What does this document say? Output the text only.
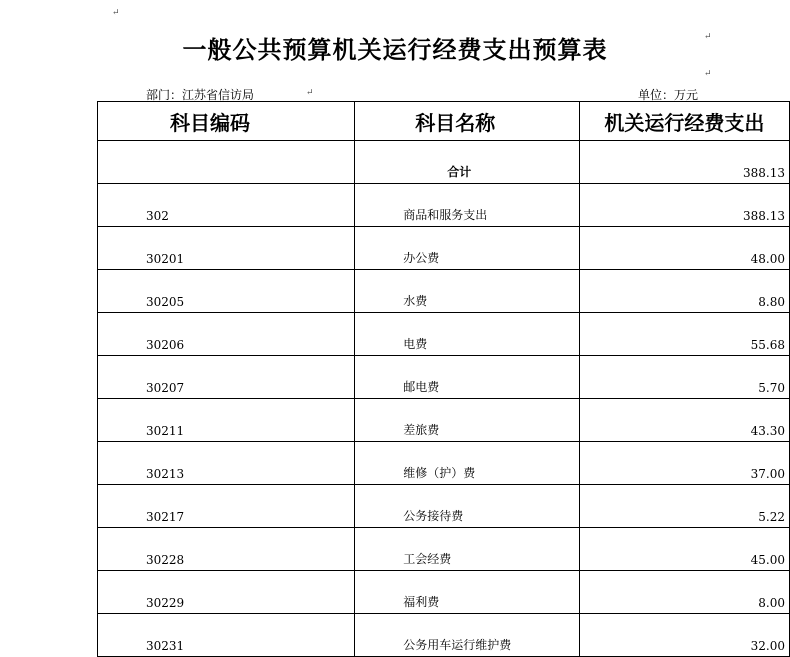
↵
↵
↵
↵
一般公共预算机关运行经费支出预算表
部门：江苏省信访局	单位：万元
科目编码	科目名称	机关运行经费支出
	合计	388.13
302	商品和服务支出	388.13
30201	办公费	48.00
30205	水费	8.80
30206	电费	55.68
30207	邮电费	5.70
30211	差旅费	43.30
30213	维修（护）费	37.00
30217	公务接待费	5.22
30228	工会经费	45.00
30229	福利费	8.00
30231	公务用车运行维护费	32.00
